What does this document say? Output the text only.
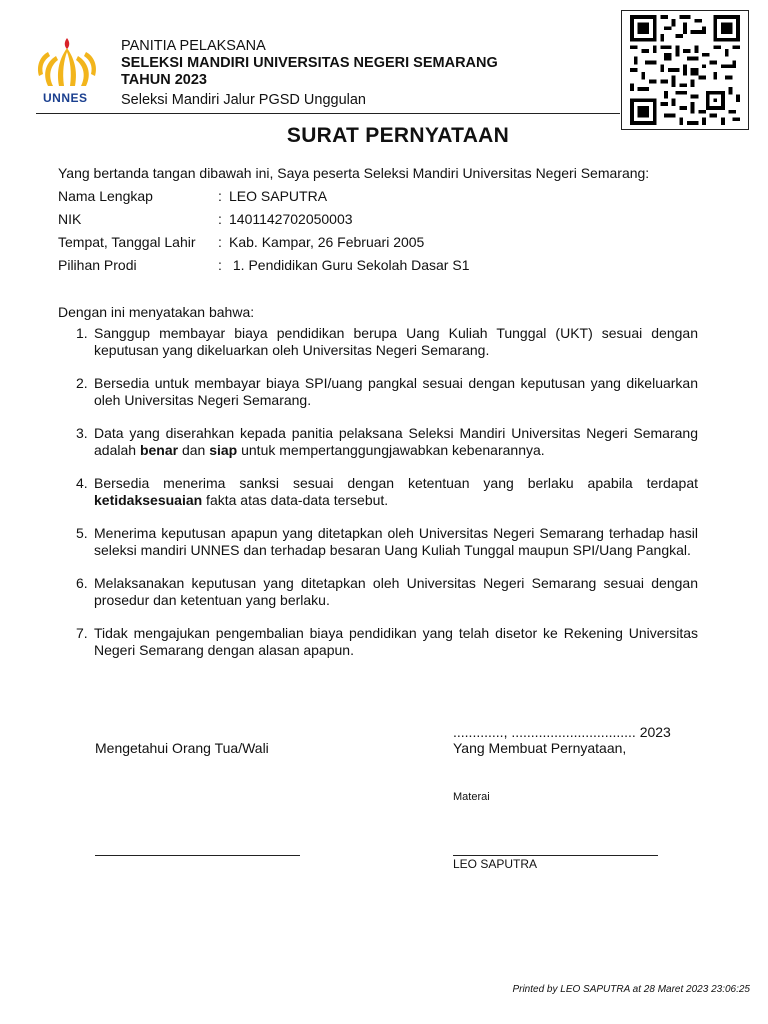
UNNES
PANITIA PELAKSANA
SELEKSI MANDIRI UNIVERSITAS NEGERI SEMARANG
TAHUN 2023
Seleksi Mandiri Jalur PGSD Unggulan
SURAT PERNYATAAN
Yang bertanda tangan dibawah ini, Saya peserta Seleksi Mandiri Universitas Negeri Semarang:
Nama Lengkap	: LEO SAPUTRA
NIK	: 1401142702050003
Tempat, Tanggal Lahir : Kab. Kampar, 26 Februari 2005
Pilihan Prodi	: 1. Pendidikan Guru Sekolah Dasar S1
Dengan ini menyatakan bahwa:
1. Sanggup membayar biaya pendidikan berupa Uang Kuliah Tunggal (UKT) sesuai dengan keputusan yang dikeluarkan oleh Universitas Negeri Semarang.
2. Bersedia untuk membayar biaya SPI/uang pangkal sesuai dengan keputusan yang dikeluarkan oleh Universitas Negeri Semarang.
3. Data yang diserahkan kepada panitia pelaksana Seleksi Mandiri Universitas Negeri Semarang adalah benar dan siap untuk mempertanggungjawabkan kebenarannya.
4. Bersedia menerima sanksi sesuai dengan ketentuan yang berlaku apabila terdapat ketidaksesuaian fakta atas data-data tersebut.
5. Menerima keputusan apapun yang ditetapkan oleh Universitas Negeri Semarang terhadap hasil seleksi mandiri UNNES dan terhadap besaran Uang Kuliah Tunggal maupun SPI/Uang Pangkal.
6. Melaksanakan keputusan yang ditetapkan oleh Universitas Negeri Semarang sesuai dengan prosedur dan ketentuan yang berlaku.
7. Tidak mengajukan pengembalian biaya pendidikan yang telah disetor ke Rekening Universitas Negeri Semarang dengan alasan apapun.
............., ................................ 2023
Mengetahui Orang Tua/Wali	Yang Membuat Pernyataan,
Materai
LEO SAPUTRA
Printed by LEO SAPUTRA at 28 Maret 2023 23:06:25
